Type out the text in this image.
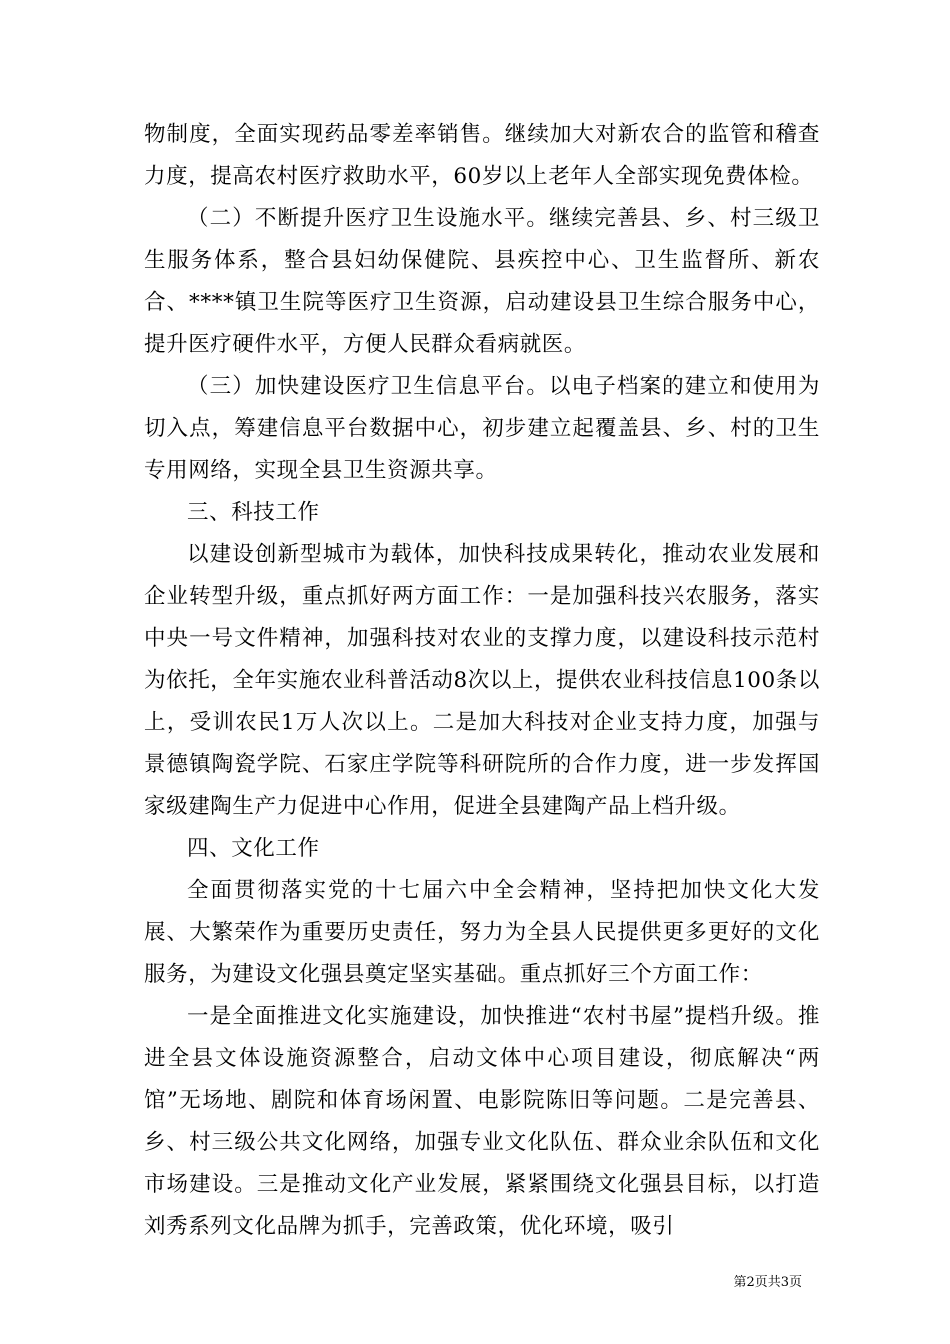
物制度，全面实现药品零差率销售。继续加大对新农合的监管和稽查力度，提高农村医疗救助水平，60岁以上老年人全部实现免费体检。

（二）不断提升医疗卫生设施水平。继续完善县、乡、村三级卫生服务体系，整合县妇幼保健院、县疾控中心、卫生监督所、新农合、****镇卫生院等医疗卫生资源，启动建设县卫生综合服务中心，提升医疗硬件水平，方便人民群众看病就医。

（三）加快建设医疗卫生信息平台。以电子档案的建立和使用为切入点，筹建信息平台数据中心，初步建立起覆盖县、乡、村的卫生专用网络，实现全县卫生资源共享。

三、科技工作

以建设创新型城市为载体，加快科技成果转化，推动农业发展和企业转型升级，重点抓好两方面工作：一是加强科技兴农服务，落实中央一号文件精神，加强科技对农业的支撑力度，以建设科技示范村为依托，全年实施农业科普活动8次以上，提供农业科技信息100条以上，受训农民1万人次以上。二是加大科技对企业支持力度，加强与景德镇陶瓷学院、石家庄学院等科研院所的合作力度，进一步发挥国家级建陶生产力促进中心作用，促进全县建陶产品上档升级。

四、文化工作

全面贯彻落实党的十七届六中全会精神，坚持把加快文化大发展、大繁荣作为重要历史责任，努力为全县人民提供更多更好的文化服务，为建设文化强县奠定坚实基础。重点抓好三个方面工作：

一是全面推进文化实施建设，加快推进“农村书屋”提档升级。推进全县文体设施资源整合，启动文体中心项目建设，彻底解决“两馆”无场地、剧院和体育场闲置、电影院陈旧等问题。二是完善县、乡、村三级公共文化网络，加强专业文化队伍、群众业余队伍和文化市场建设。三是推动文化产业发展，紧紧围绕文化强县目标，以打造刘秀系列文化品牌为抓手，完善政策，优化环境，吸引

第2页共3页
